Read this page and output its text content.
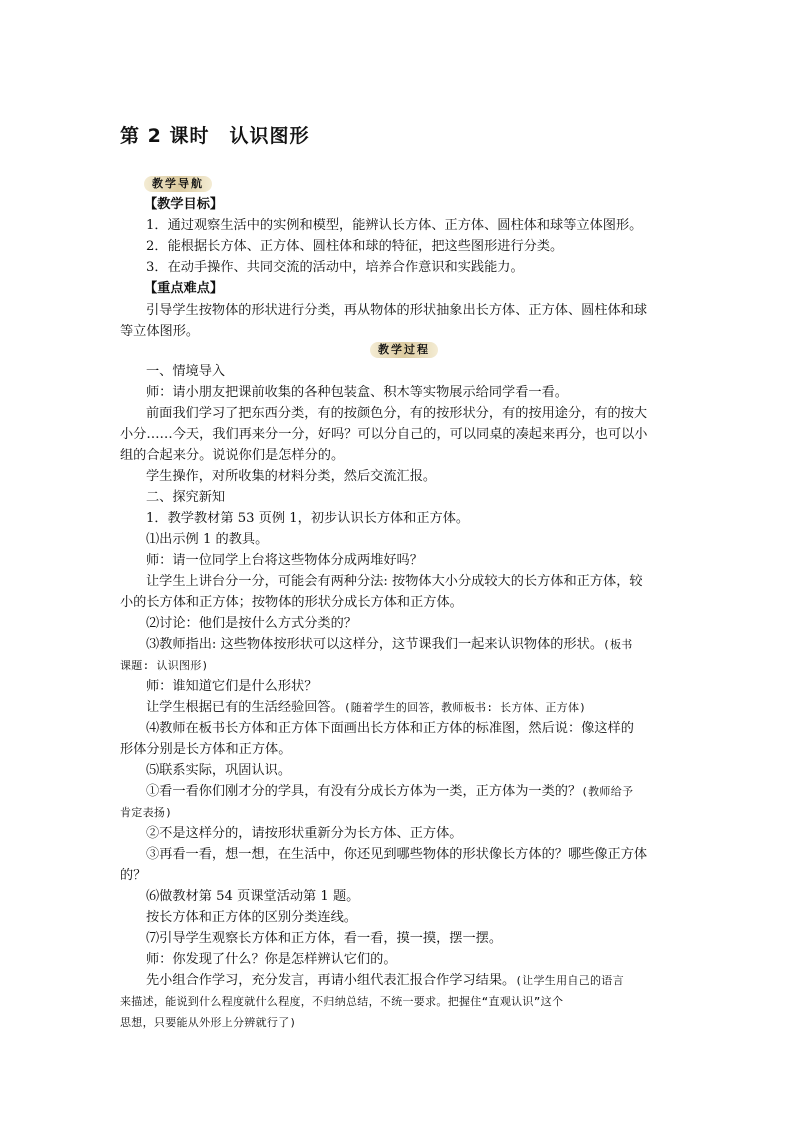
第 2 课时　认识图形
教学导航
教学过程
【教学目标】
1．通过观察生活中的实例和模型，能辨认长方体、正方体、圆柱体和球等立体图形。
2．能根据长方体、正方体、圆柱体和球的特征，把这些图形进行分类。
3．在动手操作、共同交流的活动中，培养合作意识和实践能力。
【重点难点】
引导学生按物体的形状进行分类，再从物体的形状抽象出长方体、正方体、圆柱体和球
等立体图形。
一、情境导入
师：请小朋友把课前收集的各种包装盒、积木等实物展示给同学看一看。
前面我们学习了把东西分类，有的按颜色分，有的按形状分，有的按用途分，有的按大
小分……今天，我们再来分一分，好吗？可以分自己的，可以同桌的凑起来再分，也可以小
组的合起来分。说说你们是怎样分的。
学生操作，对所收集的材料分类，然后交流汇报。
二、探究新知
1．教学教材第 53 页例 1，初步认识长方体和正方体。
⑴出示例 1 的教具。
师：请一位同学上台将这些物体分成两堆好吗？
让学生上讲台分一分，可能会有两种分法: 按物体大小分成较大的长方体和正方体，较
小的长方体和正方体；按物体的形状分成长方体和正方体。
⑵讨论：他们是按什么方式分类的？
⑶教师指出: 这些物体按形状可以这样分，这节课我们一起来认识物体的形状。(板书
课题: 认识图形)
师：谁知道它们是什么形状？
让学生根据已有的生活经验回答。(随着学生的回答，教师板书: 长方体、正方体)
⑷教师在板书长方体和正方体下面画出长方体和正方体的标准图，然后说：像这样的
形体分别是长方体和正方体。
⑸联系实际，巩固认识。
①看一看你们刚才分的学具，有没有分成长方体为一类，正方体为一类的？(教师给予
肯定表扬)
②不是这样分的，请按形状重新分为长方体、正方体。
③再看一看，想一想，在生活中，你还见到哪些物体的形状像长方体的？哪些像正方体
的？
⑹做教材第 54 页课堂活动第 1 题。
按长方体和正方体的区别分类连线。
⑺引导学生观察长方体和正方体，看一看，摸一摸，摆一摆。
师：你发现了什么？你是怎样辨认它们的。
先小组合作学习，充分发言，再请小组代表汇报合作学习结果。(让学生用自己的语言
来描述，能说到什么程度就什么程度，不归纳总结，不统一要求。把握住“直观认识”这个
思想，只要能从外形上分辨就行了)
